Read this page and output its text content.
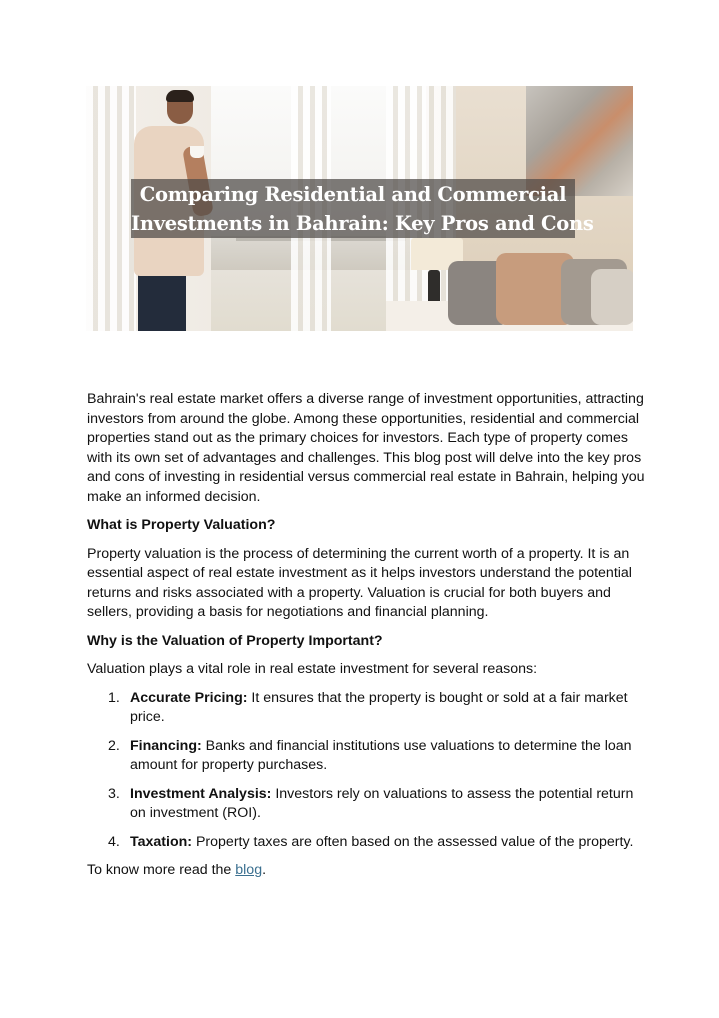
Comparing Residential and Commercial
Investments in Bahrain: Key Pros and Cons

Bahrain's real estate market offers a diverse range of investment opportunities, attracting investors from around the globe. Among these opportunities, residential and commercial properties stand out as the primary choices for investors. Each type of property comes with its own set of advantages and challenges. This blog post will delve into the key pros and cons of investing in residential versus commercial real estate in Bahrain, helping you make an informed decision.

What is Property Valuation?

Property valuation is the process of determining the current worth of a property. It is an essential aspect of real estate investment as it helps investors understand the potential returns and risks associated with a property. Valuation is crucial for both buyers and sellers, providing a basis for negotiations and financial planning.

Why is the Valuation of Property Important?

Valuation plays a vital role in real estate investment for several reasons:

1. Accurate Pricing: It ensures that the property is bought or sold at a fair market price.
2. Financing: Banks and financial institutions use valuations to determine the loan amount for property purchases.
3. Investment Analysis: Investors rely on valuations to assess the potential return on investment (ROI).
4. Taxation: Property taxes are often based on the assessed value of the property.

To know more read the blog.
